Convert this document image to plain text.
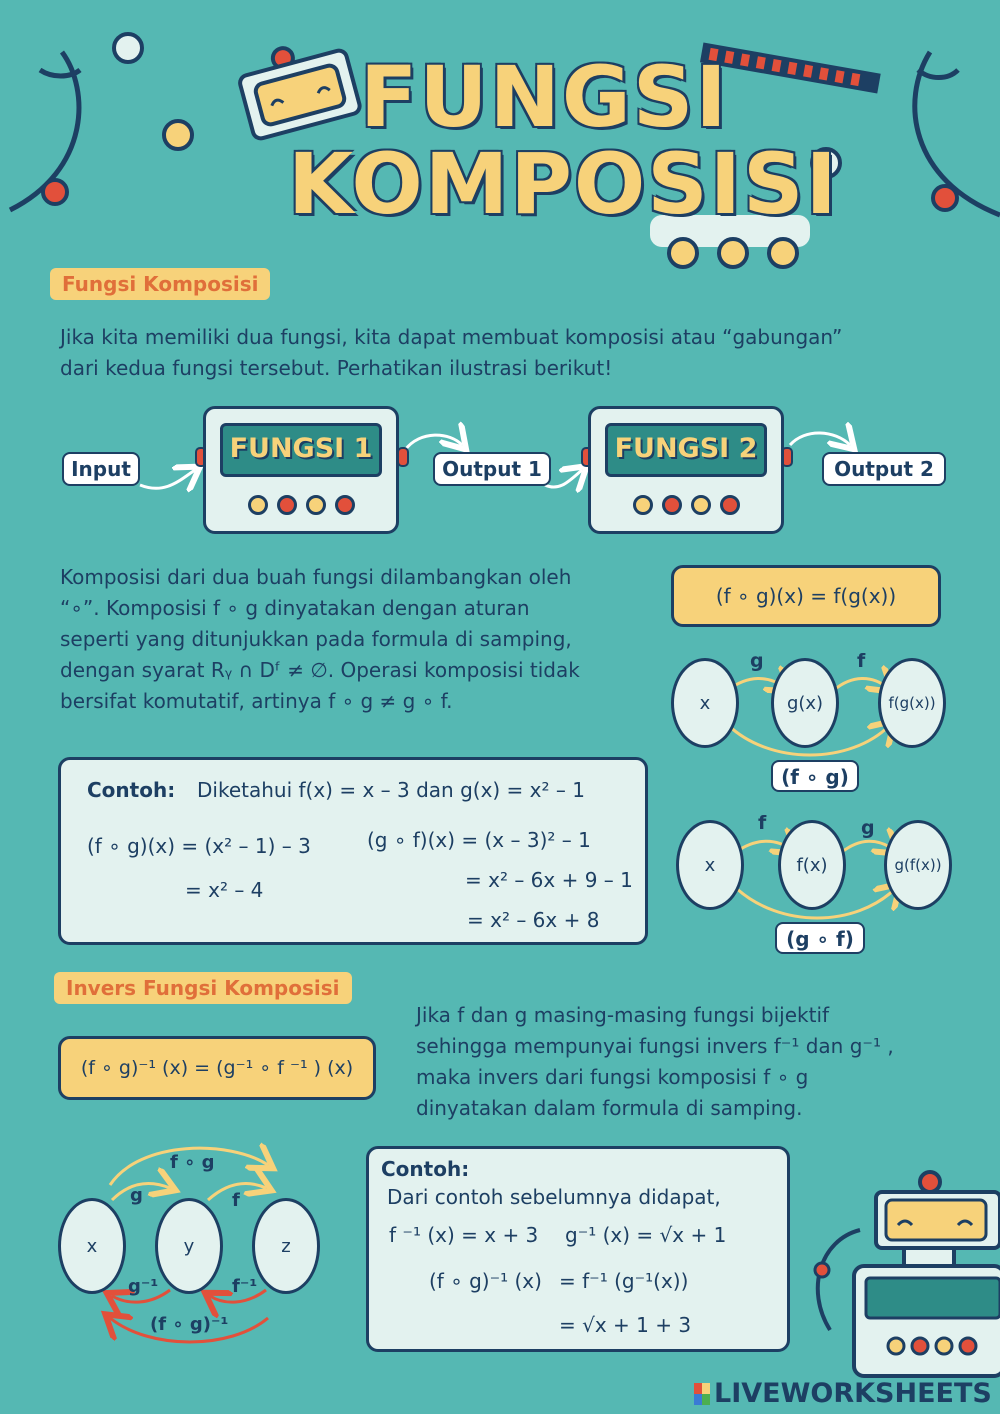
FUNGSI
KOMPOSISI
Fungsi Komposisi
Jika kita memiliki dua fungsi, kita dapat membuat komposisi atau “gabungan”
dari kedua fungsi tersebut. Perhatikan ilustrasi berikut!
Input
FUNGSI 1
Output 1
FUNGSI 2
Output 2
Komposisi dari dua buah fungsi dilambangkan oleh
“∘”. Komposisi f ∘ g dinyatakan dengan aturan
seperti yang ditunjukkan pada formula di samping,
dengan syarat Rᵧ ∩ Dᶠ ≠ ∅. Operasi komposisi tidak
bersifat komutatif, artinya f ∘ g ≠ g ∘ f.
(f ∘ g)(x) = f(g(x))
x	g(x)	f(g(x))
g	f
(f ∘ g)
x	f(x)	g(f(x))
f	g
(g ∘ f)
Contoh: Diketahui f(x) = x – 3 dan g(x) = x² – 1
(f ∘ g)(x) = (x² – 1) – 3
= x² – 4
(g ∘ f)(x) = (x – 3)² – 1
= x² – 6x + 9 – 1
= x² – 6x + 8
Invers Fungsi Komposisi
(f ∘ g)⁻¹ (x) = (g⁻¹ ∘ f ⁻¹ ) (x)
Jika f dan g masing-masing fungsi bijektif
sehingga mempunyai fungsi invers f⁻¹ dan g⁻¹ ,
maka invers dari fungsi komposisi f ∘ g
dinyatakan dalam formula di samping.
x	y	z
f ∘ g
g	f
g⁻¹	f⁻¹
(f ∘ g)⁻¹
Contoh:
Dari contoh sebelumnya didapat,
f ⁻¹ (x) = x + 3 g⁻¹ (x) = √x + 1
(f ∘ g)⁻¹ (x) = f⁻¹ (g⁻¹(x))
= √x + 1 + 3
LIVEWORKSHEETS
